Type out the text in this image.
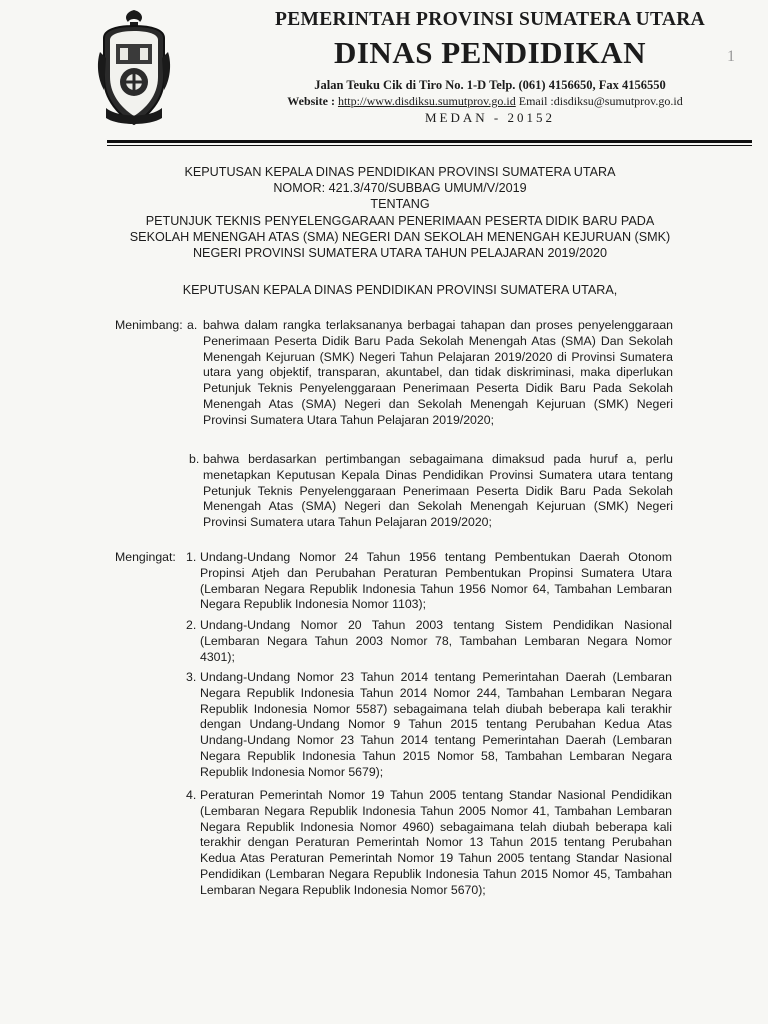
PEMERINTAH PROVINSI SUMATERA UTARA
DINAS PENDIDIKAN
Jalan Teuku Cik di Tiro No. 1-D Telp. (061) 4156650, Fax 4156550
Website : http://www.disdiksu.sumutprov.go.id Email :disdiksu@sumutprov.go.id
MEDAN - 20152
1
KEPUTUSAN KEPALA DINAS PENDIDIKAN PROVINSI SUMATERA UTARA
NOMOR: 421.3/470/SUBBAG UMUM/V/2019
TENTANG
PETUNJUK TEKNIS PENYELENGGARAAN PENERIMAAN PESERTA DIDIK BARU PADA
SEKOLAH MENENGAH ATAS (SMA) NEGERI DAN SEKOLAH MENENGAH KEJURUAN (SMK)
NEGERI PROVINSI SUMATERA UTARA TAHUN PELAJARAN 2019/2020
KEPUTUSAN KEPALA DINAS PENDIDIKAN PROVINSI SUMATERA UTARA,
Menimbang: a. bahwa dalam rangka terlaksananya berbagai tahapan dan proses penyelenggaraan Penerimaan Peserta Didik Baru Pada Sekolah Menengah Atas (SMA) Dan Sekolah Menengah Kejuruan (SMK) Negeri Tahun Pelajaran 2019/2020 di Provinsi Sumatera utara yang objektif, transparan, akuntabel, dan tidak diskriminasi, maka diperlukan Petunjuk Teknis Penyelenggaraan Penerimaan Peserta Didik Baru Pada Sekolah Menengah Atas (SMA) Negeri dan Sekolah Menengah Kejuruan (SMK) Negeri Provinsi Sumatera Utara Tahun Pelajaran 2019/2020;
b. bahwa berdasarkan pertimbangan sebagaimana dimaksud pada huruf a, perlu menetapkan Keputusan Kepala Dinas Pendidikan Provinsi Sumatera utara tentang Petunjuk Teknis Penyelenggaraan Penerimaan Peserta Didik Baru Pada Sekolah Menengah Atas (SMA) Negeri dan Sekolah Menengah Kejuruan (SMK) Negeri Provinsi Sumatera utara Tahun Pelajaran 2019/2020;
Mengingat: 1. Undang-Undang Nomor 24 Tahun 1956 tentang Pembentukan Daerah Otonom Propinsi Atjeh dan Perubahan Peraturan Pembentukan Propinsi Sumatera Utara (Lembaran Negara Republik Indonesia Tahun 1956 Nomor 64, Tambahan Lembaran Negara Republik Indonesia Nomor 1103);
2. Undang-Undang Nomor 20 Tahun 2003 tentang Sistem Pendidikan Nasional (Lembaran Negara Tahun 2003 Nomor 78, Tambahan Lembaran Negara Nomor 4301);
3. Undang-Undang Nomor 23 Tahun 2014 tentang Pemerintahan Daerah (Lembaran Negara Republik Indonesia Tahun 2014 Nomor 244, Tambahan Lembaran Negara Republik Indonesia Nomor 5587) sebagaimana telah diubah beberapa kali terakhir dengan Undang-Undang Nomor 9 Tahun 2015 tentang Perubahan Kedua Atas Undang-Undang Nomor 23 Tahun 2014 tentang Pemerintahan Daerah (Lembaran Negara Republik Indonesia Tahun 2015 Nomor 58, Tambahan Lembaran Negara Republik Indonesia Nomor 5679);
4. Peraturan Pemerintah Nomor 19 Tahun 2005 tentang Standar Nasional Pendidikan (Lembaran Negara Republik Indonesia Tahun 2005 Nomor 41, Tambahan Lembaran Negara Republik Indonesia Nomor 4960) sebagaimana telah diubah beberapa kali terakhir dengan Peraturan Pemerintah Nomor 13 Tahun 2015 tentang Perubahan Kedua Atas Peraturan Pemerintah Nomor 19 Tahun 2005 tentang Standar Nasional Pendidikan (Lembaran Negara Republik Indonesia Tahun 2015 Nomor 45, Tambahan Lembaran Negara Republik Indonesia Nomor 5670);
